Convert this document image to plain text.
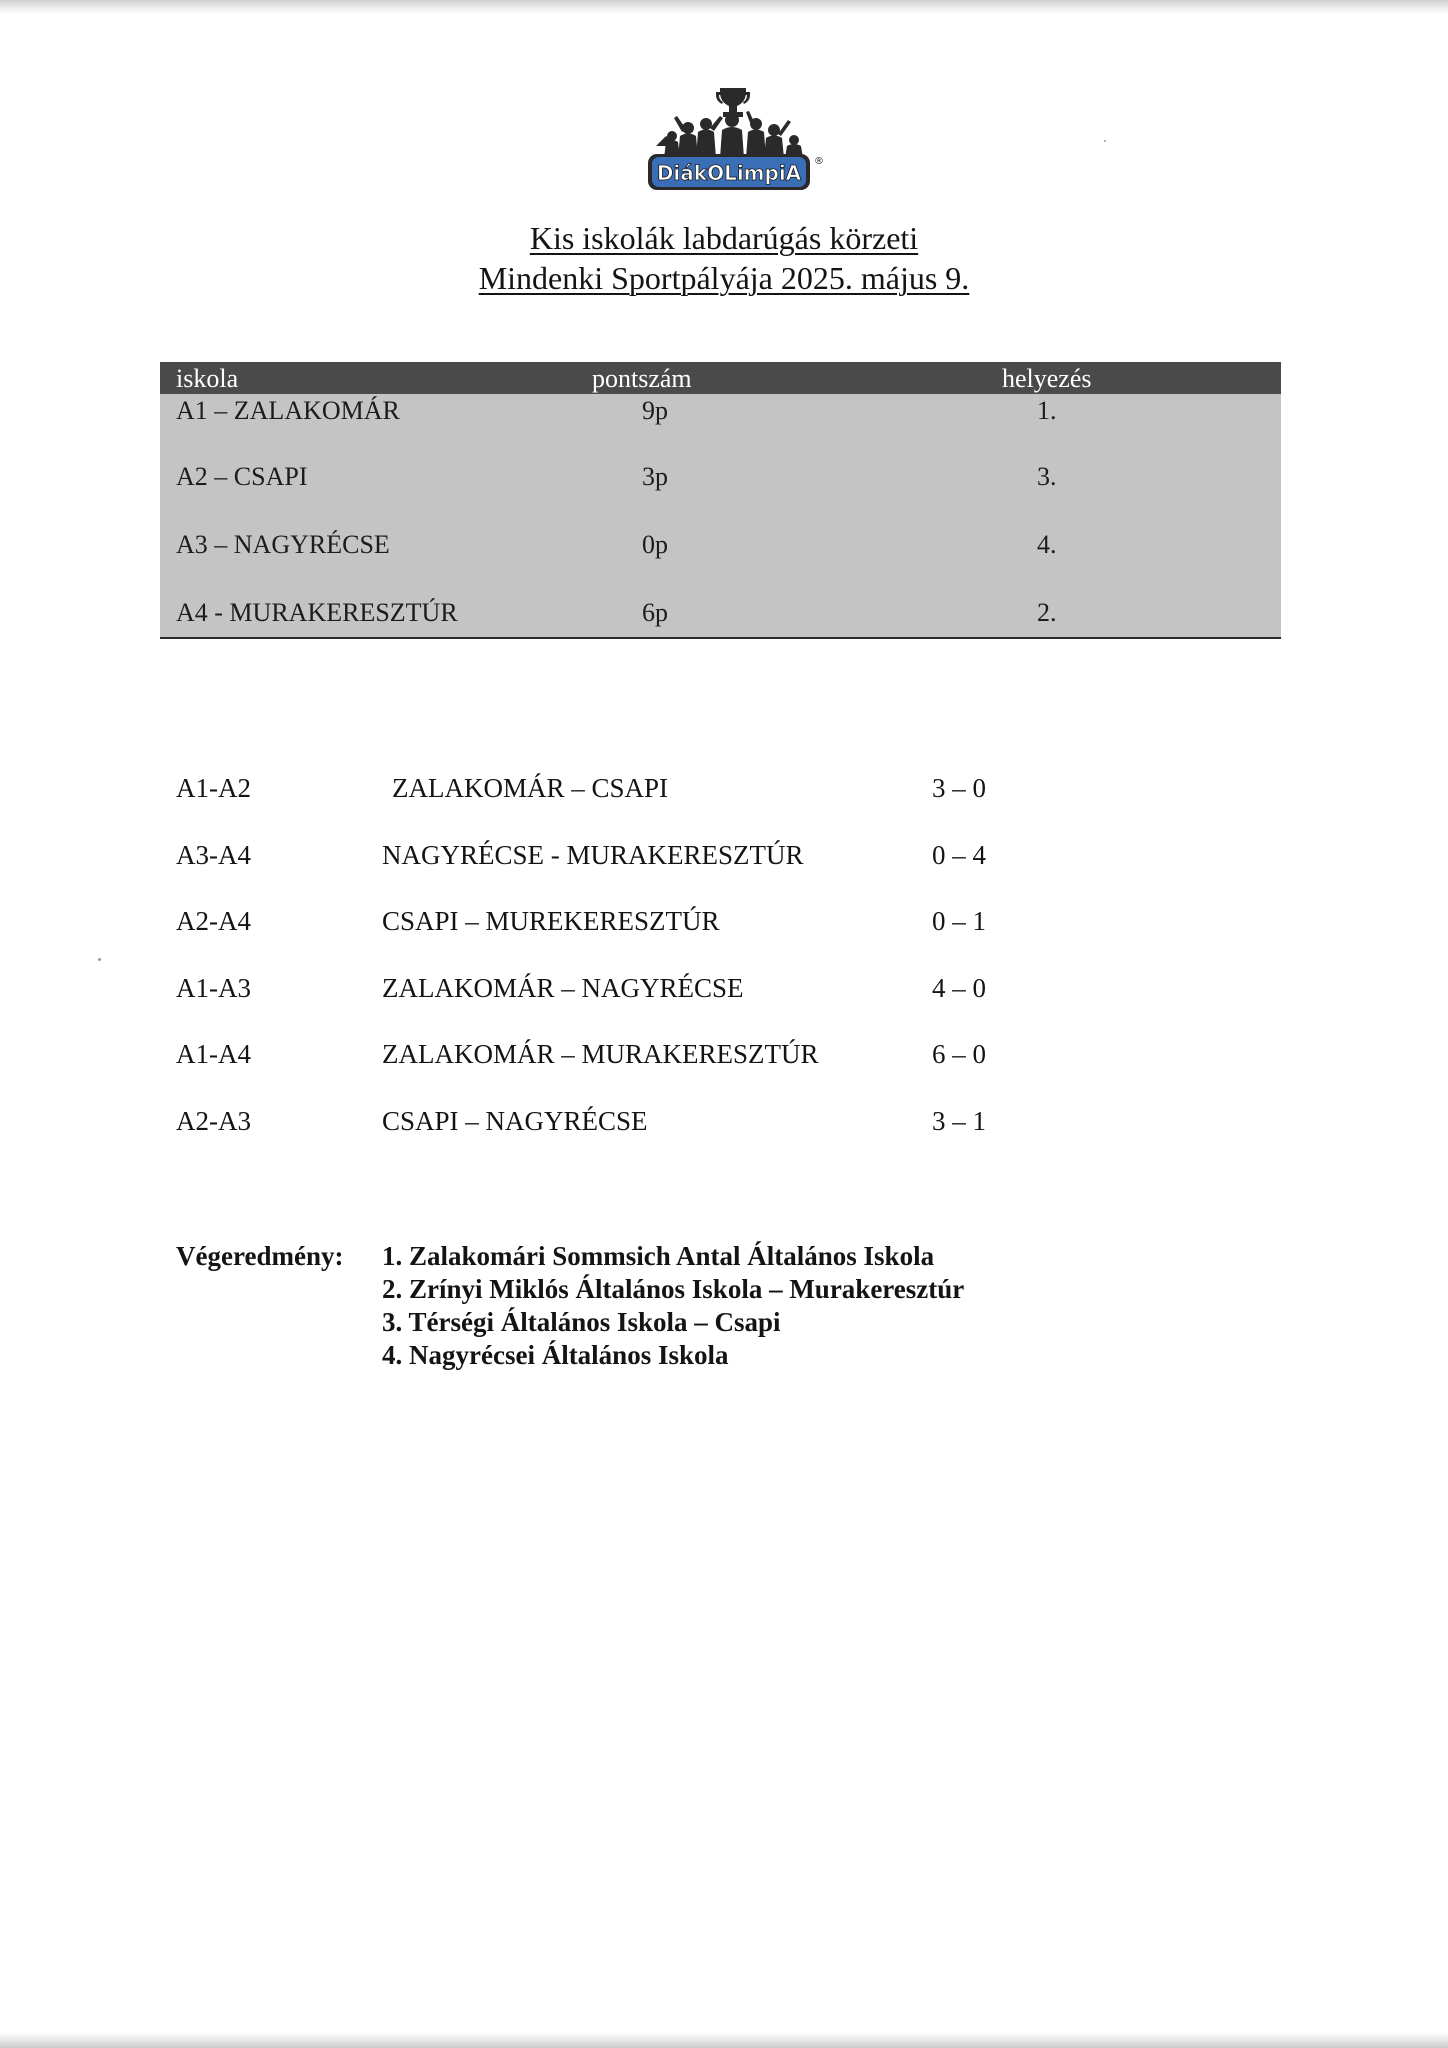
DiákOLimpiA ®
Kis iskolák labdarúgás körzeti
Mindenki Sportpályája 2025. május 9.
iskola	pontszám	helyezés
A1 – ZALAKOMÁR	9p	1.
A2 – CSAPI	3p	3.
A3 – NAGYRÉCSE	0p	4.
A4 - MURAKERESZTÚR	6p	2.
A1-A2	ZALAKOMÁR – CSAPI	3 – 0
A3-A4	NAGYRÉCSE - MURAKERESZTÚR	0 – 4
A2-A4	CSAPI – MUREKERESZTÚR	0 – 1
A1-A3	ZALAKOMÁR – NAGYRÉCSE	4 – 0
A1-A4	ZALAKOMÁR – MURAKERESZTÚR	6 – 0
A2-A3	CSAPI – NAGYRÉCSE	3 – 1
Végeredmény: 1. Zalakomári Sommsich Antal Általános Iskola
2. Zrínyi Miklós Általános Iskola – Murakeresztúr
3. Térségi Általános Iskola – Csapi
4. Nagyrécsei Általános Iskola
